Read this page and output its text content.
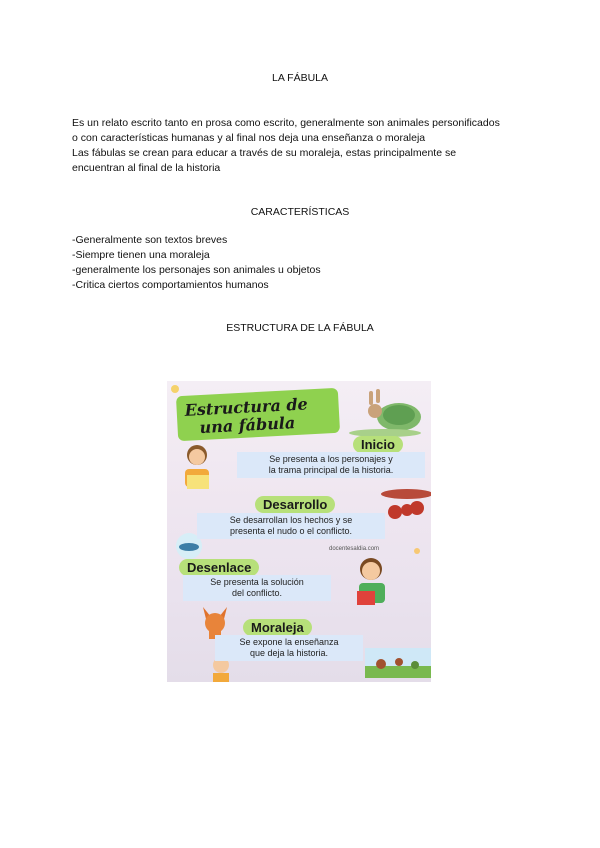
LA FÁBULA
Es un relato escrito tanto en prosa como escrito, generalmente son animales personificados
o con características humanas y al final nos deja una enseñanza o moraleja
Las fábulas se crean para educar a través de su moraleja, estas principalmente se
encuentran al final de la historia
CARACTERÍSTICAS
-Generalmente son textos breves
-Siempre tienen una moraleja
-generalmente los personajes son animales u objetos
-Critica ciertos comportamientos humanos
ESTRUCTURA DE LA FÁBULA
Estructura de
una fábula
Inicio
Se presenta a los personajes y
la trama principal de la historia.
Desarrollo
Se desarrollan los hechos y se
presenta el nudo o el conflicto.
docentesaldia.com
Desenlace
Se presenta la solución
del conflicto.
Moraleja
Se expone la enseñanza
que deja la historia.
